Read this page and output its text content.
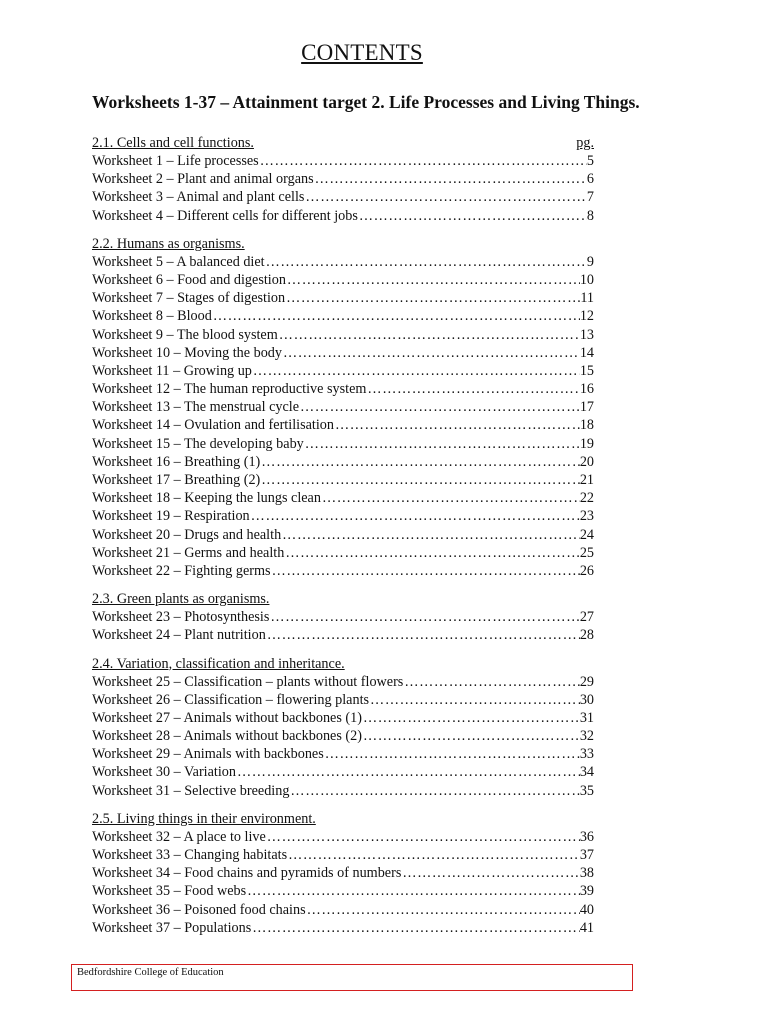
CONTENTS
Worksheets 1-37 – Attainment target 2. Life Processes and Living Things.
2.1. Cells and cell functions.	pg.
Worksheet 1 – Life processes ………………………………………………………………………………………………………………………………	5
Worksheet 2 – Plant and animal organs ………………………………………………………………………………………………………………………………	6
Worksheet 3 – Animal and plant cells ………………………………………………………………………………………………………………………………	7
Worksheet 4 – Different cells for different jobs ………………………………………………………………………………………………………………………………	8
2.2. Humans as organisms.
Worksheet 5 – A balanced diet ………………………………………………………………………………………………………………………………	9
Worksheet 6 – Food and digestion ………………………………………………………………………………………………………………………………	10
Worksheet 7 – Stages of digestion ………………………………………………………………………………………………………………………………	11
Worksheet 8 – Blood ………………………………………………………………………………………………………………………………	12
Worksheet 9 – The blood system ………………………………………………………………………………………………………………………………	13
Worksheet 10 – Moving the body ………………………………………………………………………………………………………………………………	14
Worksheet 11 – Growing up ………………………………………………………………………………………………………………………………	15
Worksheet 12 – The human reproductive system ………………………………………………………………………………………………………………………………	16
Worksheet 13 – The menstrual cycle ………………………………………………………………………………………………………………………………	17
Worksheet 14 – Ovulation and fertilisation ………………………………………………………………………………………………………………………………	18
Worksheet 15 – The developing baby ………………………………………………………………………………………………………………………………	19
Worksheet 16 – Breathing (1) ………………………………………………………………………………………………………………………………	20
Worksheet 17 – Breathing (2) ………………………………………………………………………………………………………………………………	21
Worksheet 18 – Keeping the lungs clean ………………………………………………………………………………………………………………………………	22
Worksheet 19 – Respiration ………………………………………………………………………………………………………………………………	23
Worksheet 20 – Drugs and health ………………………………………………………………………………………………………………………………	24
Worksheet 21 – Germs and health ………………………………………………………………………………………………………………………………	25
Worksheet 22 – Fighting germs ………………………………………………………………………………………………………………………………	26
2.3. Green plants as organisms.
Worksheet 23 – Photosynthesis ………………………………………………………………………………………………………………………………	27
Worksheet 24 – Plant nutrition ………………………………………………………………………………………………………………………………	28
2.4. Variation, classification and inheritance.
Worksheet 25 – Classification – plants without flowers ………………………………………………………………………………………………………………………………	29
Worksheet 26 – Classification – flowering plants ………………………………………………………………………………………………………………………………	30
Worksheet 27 – Animals without backbones (1) ………………………………………………………………………………………………………………………………	31
Worksheet 28 – Animals without backbones (2) ………………………………………………………………………………………………………………………………	32
Worksheet 29 – Animals with backbones ………………………………………………………………………………………………………………………………	33
Worksheet 30 – Variation ………………………………………………………………………………………………………………………………	34
Worksheet 31 – Selective breeding ………………………………………………………………………………………………………………………………	35
2.5. Living things in their environment.
Worksheet 32 – A place to live ………………………………………………………………………………………………………………………………	36
Worksheet 33 – Changing habitats ………………………………………………………………………………………………………………………………	37
Worksheet 34 – Food chains and pyramids of numbers ………………………………………………………………………………………………………………………………	38
Worksheet 35 – Food webs ………………………………………………………………………………………………………………………………	39
Worksheet 36 – Poisoned food chains ………………………………………………………………………………………………………………………………	40
Worksheet 37 – Populations ………………………………………………………………………………………………………………………………	41
Bedfordshire College of Education
